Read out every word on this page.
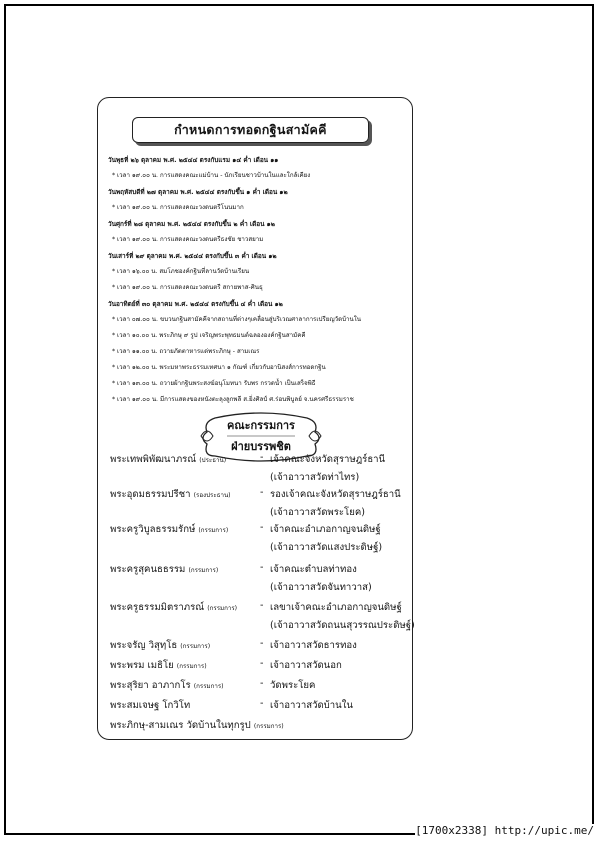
กำหนดการทอดกฐินสามัคคี
วันพุธที่ ๒๖ ตุลาคม พ.ศ. ๒๕๔๔ ตรงกับแรม ๑๔ ค่ำ เดือน ๑๑
* เวลา ๑๙.๐๐ น. การแสดงคณะแม่บ้าน - นักเรียนชาวบ้านในและใกล้เคียง
วันพฤหัสบดีที่ ๒๗ ตุลาคม พ.ศ. ๒๕๔๔ ตรงกับขึ้น ๑ ค่ำ เดือน ๑๒
* เวลา ๑๙.๐๐ น. การแสดงคณะวงดนตรีโนนมาก
วันศุกร์ที่ ๒๘ ตุลาคม พ.ศ. ๒๕๔๔ ตรงกับขึ้น ๒ ค่ำ เดือน ๑๒
* เวลา ๑๙.๐๐ น. การแสดงคณะวงดนตรีธงชัย ชาวสยาม
วันเสาร์ที่ ๒๙ ตุลาคม พ.ศ. ๒๕๔๔ ตรงกับขึ้น ๓ ค่ำ เดือน ๑๒
* เวลา ๑๖.๐๐ น. สมโภชองค์กฐินที่ลานวัดบ้านเรียน
* เวลา ๑๙.๐๐ น. การแสดงคณะวงดนตรี สกายพาส-ศินธุ
วันอาทิตย์ที่ ๓๐ ตุลาคม พ.ศ. ๒๕๔๔ ตรงกับขึ้น ๔ ค่ำ เดือน ๑๒
* เวลา ๐๗.๐๐ น. ขบวนกฐินสามัคคีจากสถานที่ต่างๆเคลื่อนสู่บริเวณศาลาการเปรียญวัดบ้านใน
* เวลา ๑๐.๐๐ น. พระภิกษุ ๙ รูป เจริญพระพุทธมนต์ฉลององค์กฐินสามัคคี
* เวลา ๑๑.๐๐ น. ถวายภัตตาหารแด่พระภิกษุ - สามเณร
* เวลา ๑๒.๐๐ น. พระมหาพระธรรมเทศนา ๑ กัณฑ์ เกี่ยวกับอานิสงส์การทอดกฐิน
* เวลา ๑๓.๐๐ น. ถวายผ้ากฐินพระสงฆ์อนุโมทนา รับพร กรวดน้ำ เป็นเสร็จพิธี
* เวลา ๑๙.๐๐ น. มีการแสดงของหนังตะลุงลูกพลี ส.ยิ่งศิลป์ ศ.ร่อนพิบูลย์ จ.นครศรีธรรมราช
คณะกรรมการ
ฝ่ายบรรพชิต
พระเทพพิพัฒนาภรณ์ (ประธาน)	- เจ้าคณะจังหวัดสุราษฎร์ธานี
(เจ้าอาวาสวัดท่าไทร)
พระอุดมธรรมปรีชา (รองประธาน)	- รองเจ้าคณะจังหวัดสุราษฎร์ธานี
(เจ้าอาวาสวัดพระโยค)
พระครูวิบูลธรรมรักษ์ (กรรมการ)	- เจ้าคณะอำเภอกาญจนดิษฐ์
(เจ้าอาวาสวัดแสงประดิษฐ์)
พระครูสุคนธธรรม (กรรมการ)	- เจ้าคณะตำบลท่าทอง
(เจ้าอาวาสวัดจันทาวาส)
พระครูธรรมมิตราภรณ์ (กรรมการ) - เลขาเจ้าคณะอำเภอกาญจนดิษฐ์
(เจ้าอาวาสวัดถนนสุวรรณประดิษฐ์)
พระจรัญ วิสุทฺโธ (กรรมการ)	- เจ้าอาวาสวัดธารทอง
พระพรม เมธิโย (กรรมการ)	- เจ้าอาวาสวัดนอก
พระสุริยา อาภากโร (กรรมการ)	- วัดพระโยค
พระสมเจษฐ โกวิโท	- เจ้าอาวาสวัดบ้านใน
พระภิกษุ-สามเณร วัดบ้านในทุกรูป (กรรมการ)
[1700x2338] http://upic.me/
